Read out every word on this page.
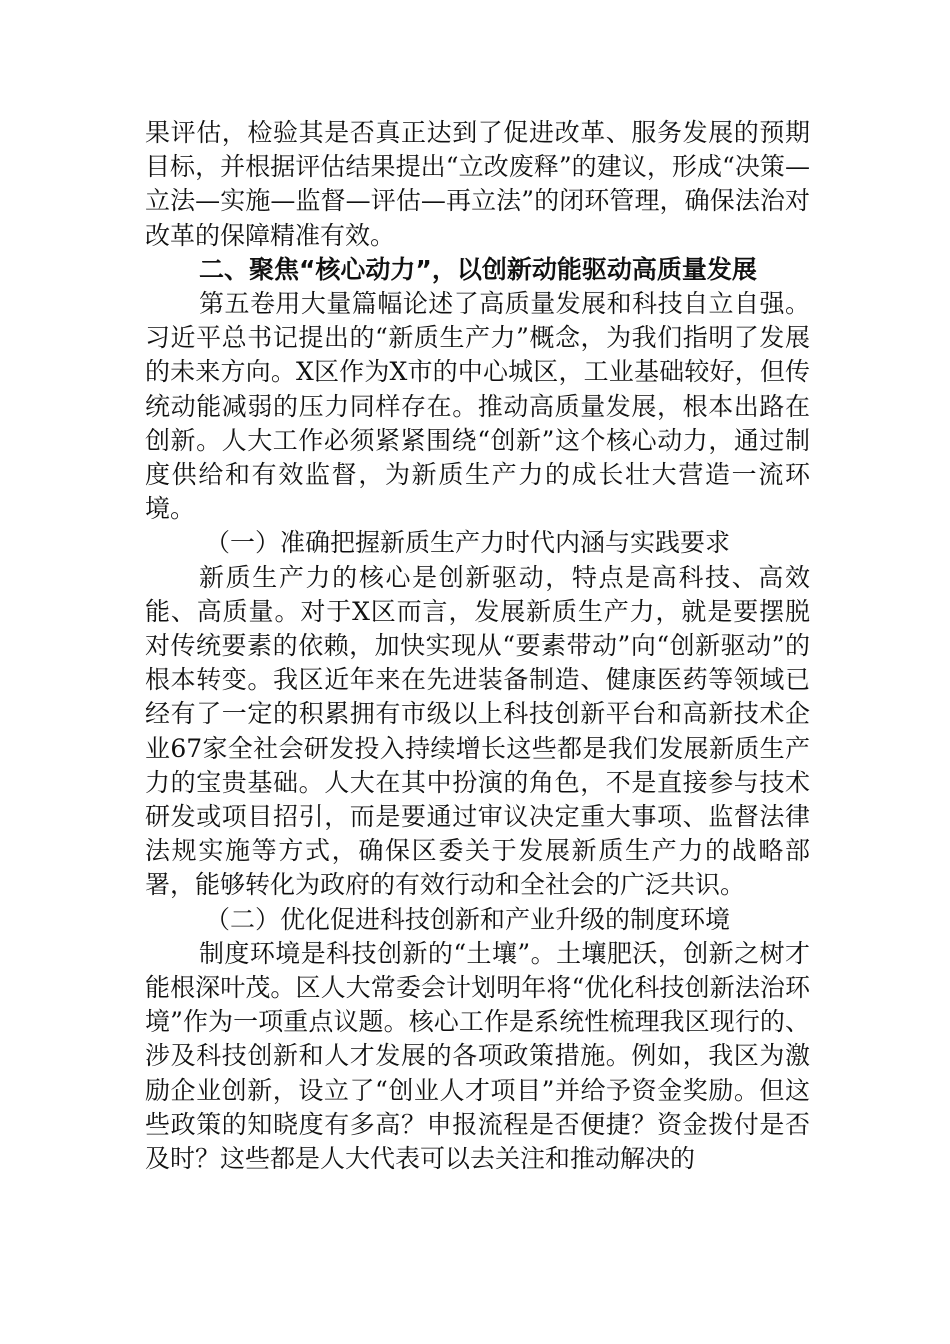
果评估，检验其是否真正达到了促进改革、服务发展的预期目标，并根据评估结果提出“立改废释”的建议，形成“决策—立法—实施—监督—评估—再立法”的闭环管理，确保法治对改革的保障精准有效。

二、聚焦“核心动力”，以创新动能驱动高质量发展

第五卷用大量篇幅论述了高质量发展和科技自立自强。习近平总书记提出的“新质生产力”概念，为我们指明了发展的未来方向。X区作为X市的中心城区，工业基础较好，但传统动能减弱的压力同样存在。推动高质量发展，根本出路在创新。人大工作必须紧紧围绕“创新”这个核心动力，通过制度供给和有效监督，为新质生产力的成长壮大营造一流环境。

（一）准确把握新质生产力时代内涵与实践要求

新质生产力的核心是创新驱动，特点是高科技、高效能、高质量。对于X区而言，发展新质生产力，就是要摆脱对传统要素的依赖，加快实现从“要素带动”向“创新驱动”的根本转变。我区近年来在先进装备制造、健康医药等领域已经有了一定的积累拥有市级以上科技创新平台和高新技术企业67家全社会研发投入持续增长这些都是我们发展新质生产力的宝贵基础。人大在其中扮演的角色，不是直接参与技术研发或项目招引，而是要通过审议决定重大事项、监督法律法规实施等方式，确保区委关于发展新质生产力的战略部署，能够转化为政府的有效行动和全社会的广泛共识。

（二）优化促进科技创新和产业升级的制度环境

制度环境是科技创新的“土壤”。土壤肥沃，创新之树才能根深叶茂。区人大常委会计划明年将“优化科技创新法治环境”作为一项重点议题。核心工作是系统性梳理我区现行的、涉及科技创新和人才发展的各项政策措施。例如，我区为激励企业创新，设立了“创业人才项目”并给予资金奖励。但这些政策的知晓度有多高？申报流程是否便捷？资金拨付是否及时？这些都是人大代表可以去关注和推动解决的
